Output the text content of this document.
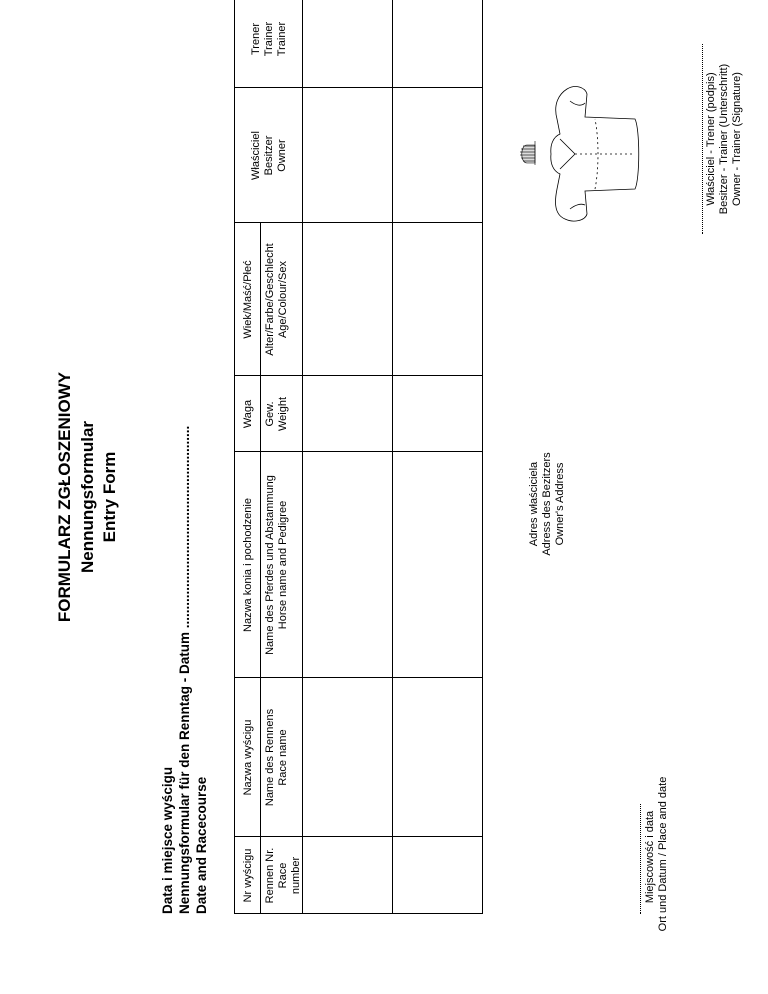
FORMULARZ ZGŁOSZENIOWY Nennungsformular Entry Form
Data i miejsce wyścigu Nennungsformular für den Renntag - Datum ...................................................... Date and Racecourse	Nr wyścigu Rennen Nr. Race number
Nazwa wyścigu Name des Rennens Race name
Nazwa konia i pochodzenie Name des Pferdes und Abstammung Horse name and Pedigree
Waga Gew. Weight
Wiek/Maść/Płeć Alter/Farbe/Geschlecht Age/Colour/Sex
Właściciel Besitzer Owner
Trener Trainer Trainer
Adres właściciela Adress des Bezitzers Owner's Address
Miejscowość i data Ort und Datum / Place and date
Właściciel - Trener (podpis) Besitzer - Trainer (Unterschritt) Owner - Trainer (Signature)
